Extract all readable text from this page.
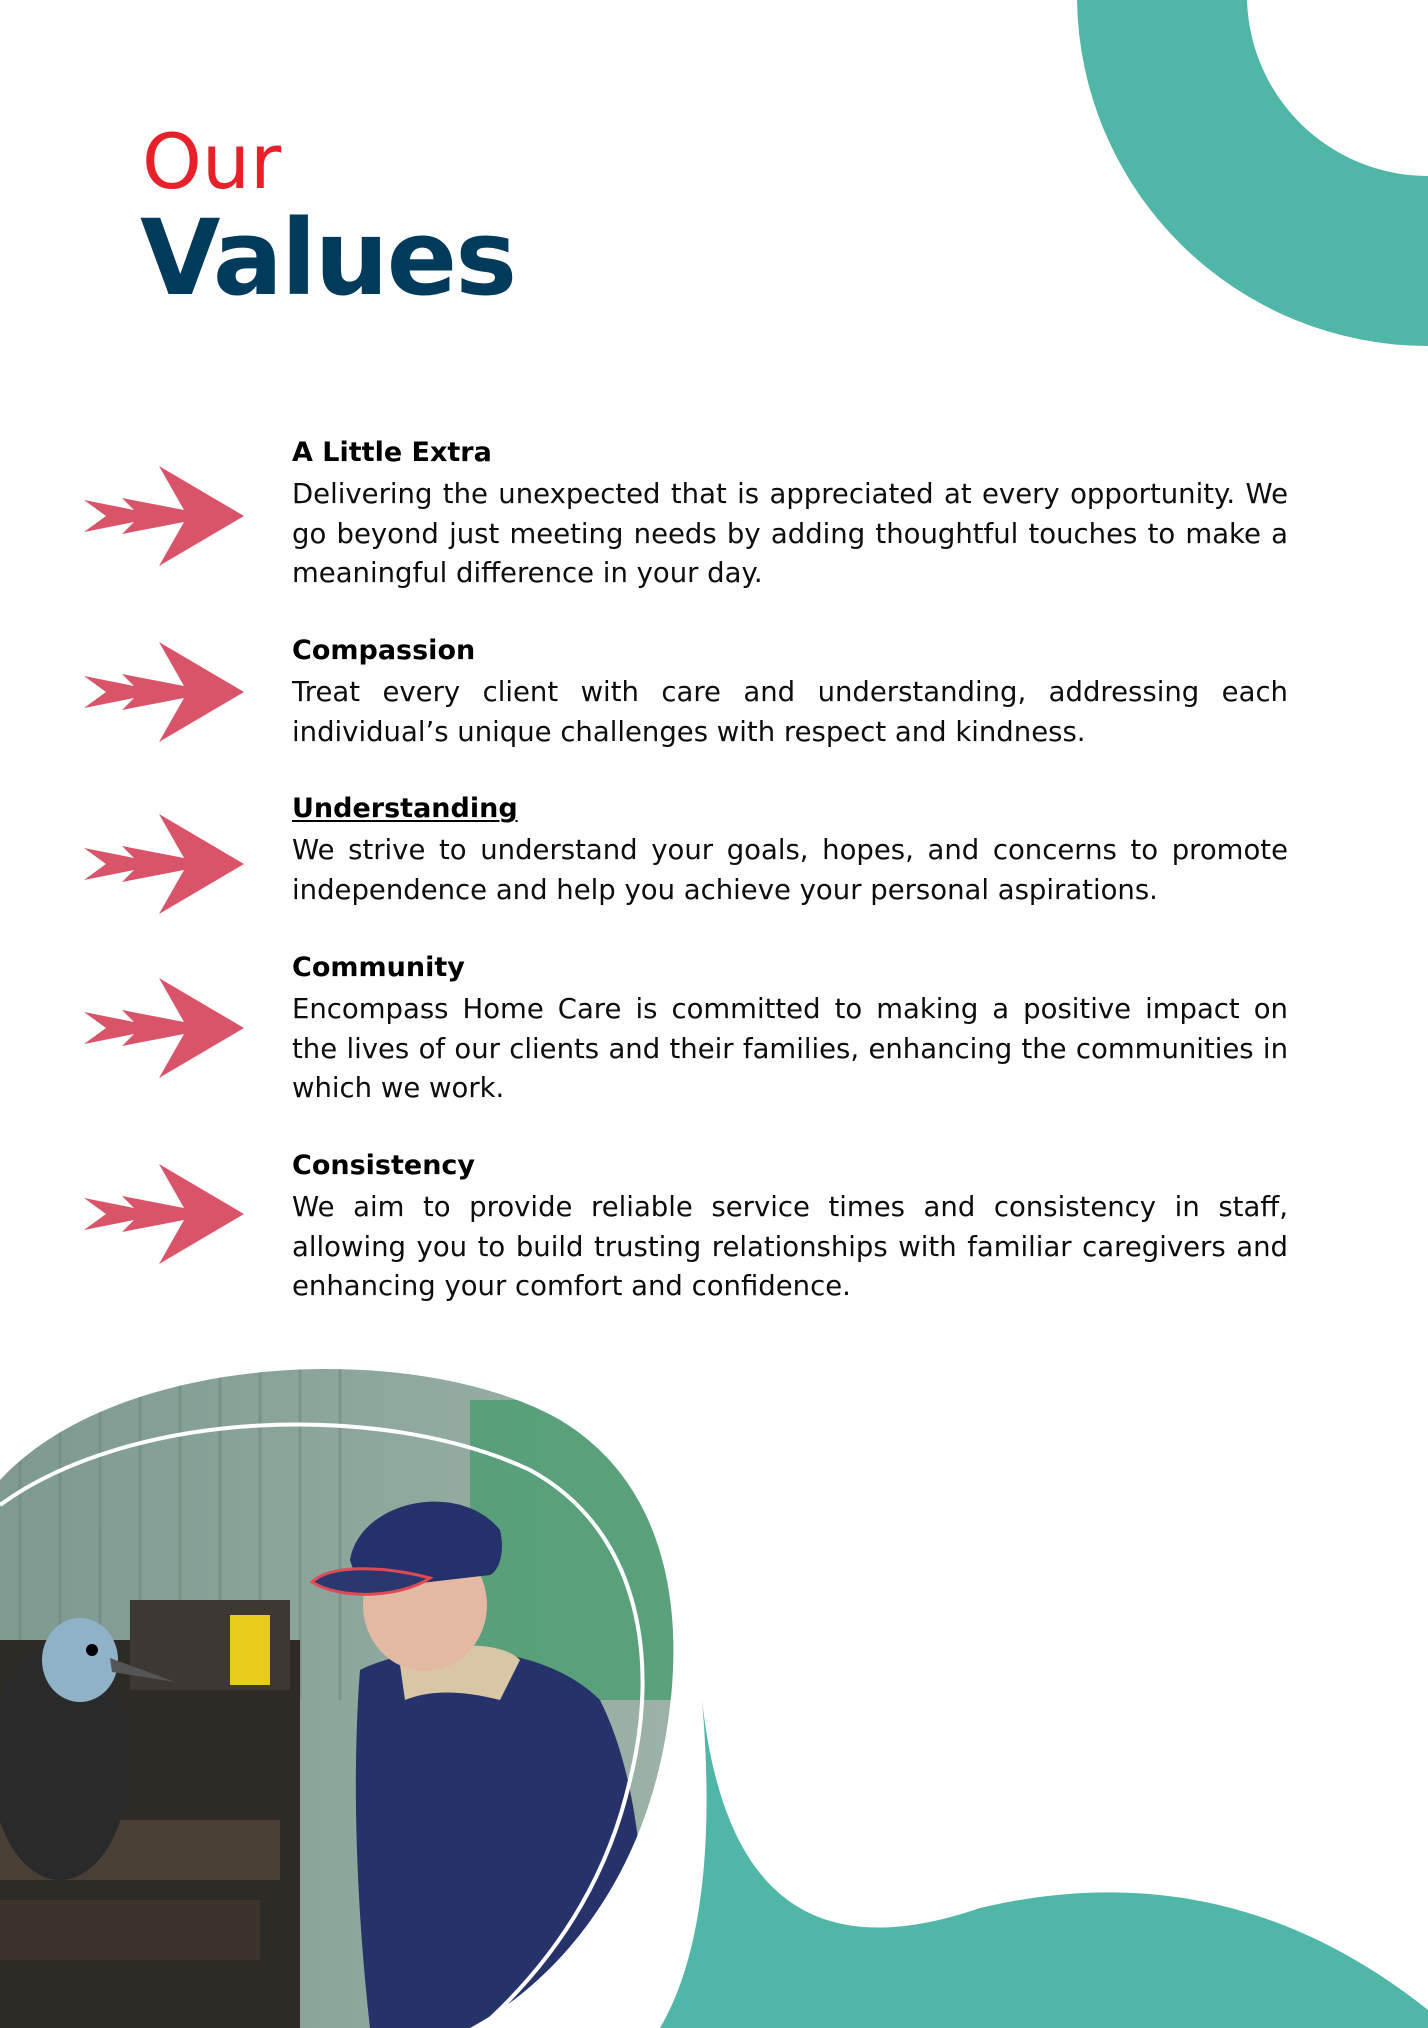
Our
Values
A Little Extra
Delivering the unexpected that is appreciated at every opportunity. We go beyond just meeting needs by adding thoughtful touches to make a meaningful difference in your day.
Compassion
Treat every client with care and understanding, addressing each individual’s unique challenges with respect and kindness.
Understanding
We strive to understand your goals, hopes, and concerns to promote independence and help you achieve your personal aspirations.
Community
Encompass Home Care is committed to making a positive impact on the lives of our clients and their families, enhancing the communities in which we work.
Consistency
We aim to provide reliable service times and consistency in staff, allowing you to build trusting relationships with familiar caregivers and enhancing your comfort and confidence.
